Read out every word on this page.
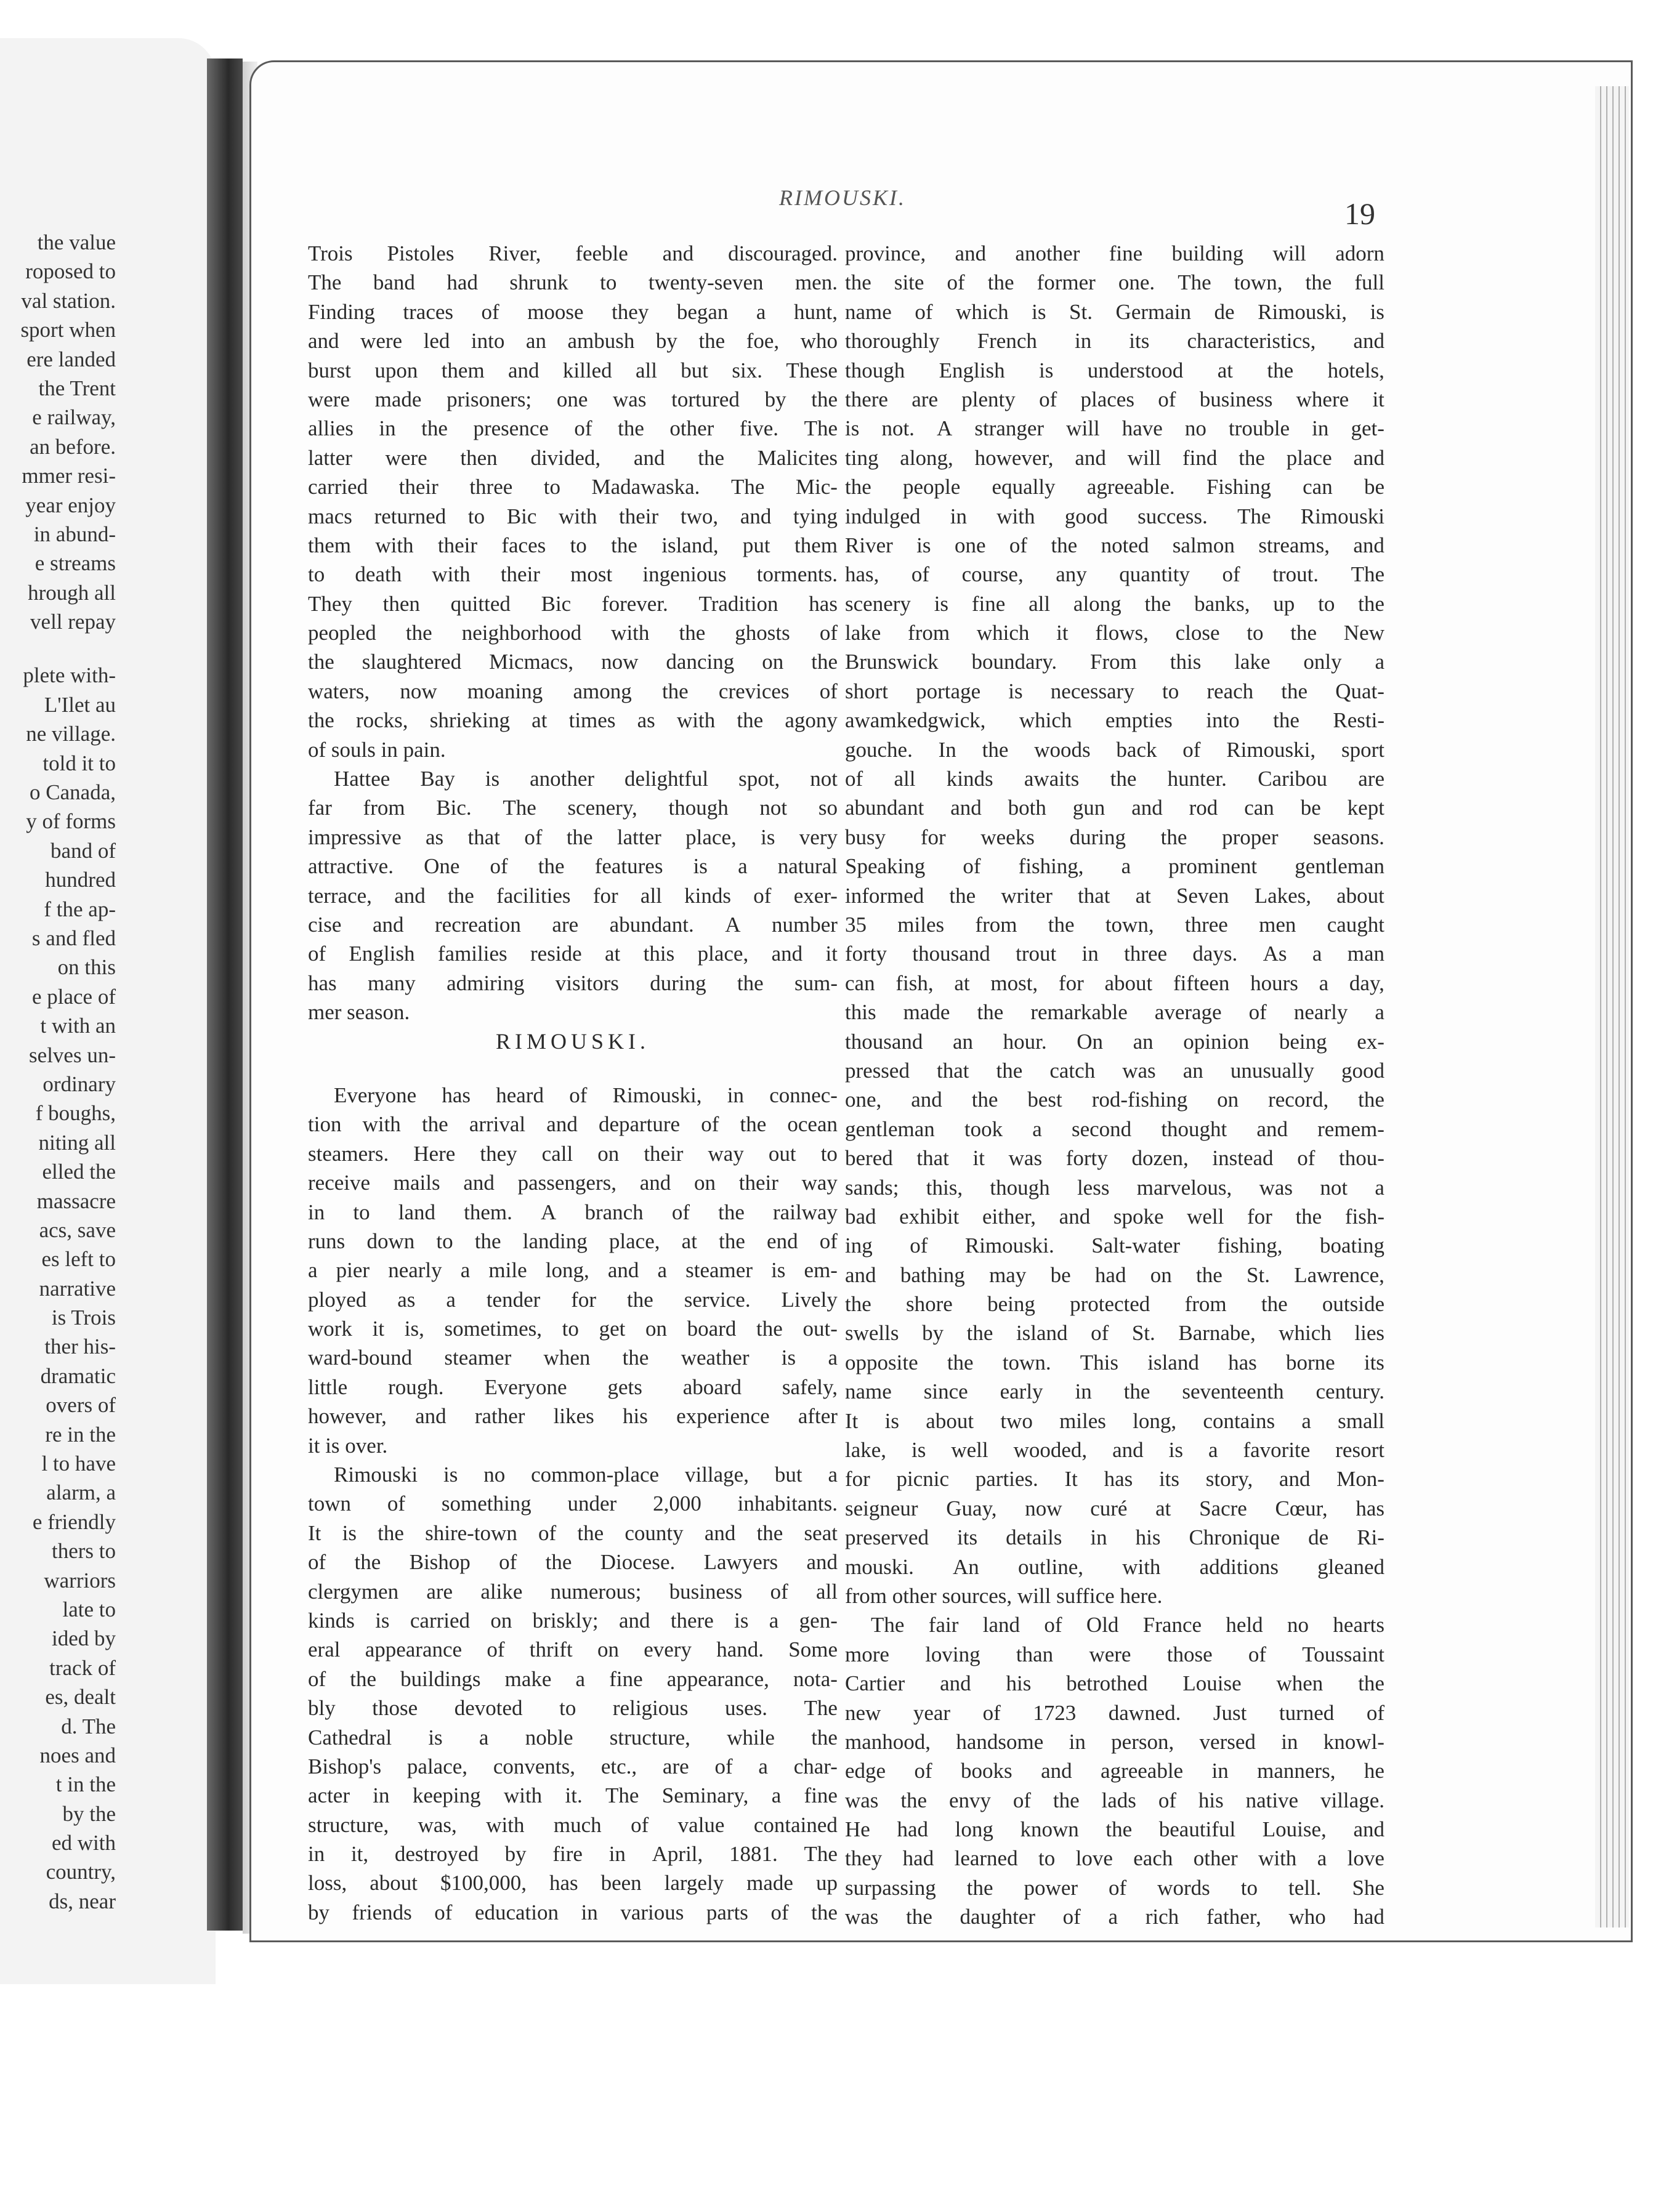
the value
roposed to
val station.
sport when
ere landed
the Trent
e railway,
an before.
mmer resi-
year enjoy
in abund-
e streams
hrough all
vell repay
plete with-
L'Ilet au
ne village.
told it to
o Canada,
y of forms
band of
hundred
f the ap-
s and fled
on this
e place of
t with an
selves un-
ordinary
f boughs,
niting all
elled the
massacre
acs, save
es left to
narrative
is Trois
ther his-
dramatic
overs of
re in the
l to have
alarm, a
e friendly
thers to
warriors
late to
ided by
track of
es, dealt
d. The
noes and
t in the
by the
ed with
country,
ds, near
RIMOUSKI.	19
Trois Pistoles River, feeble and discouraged.
The band had shrunk to twenty-seven men.
Finding traces of moose they began a hunt,
and were led into an ambush by the foe, who
burst upon them and killed all but six. These
were made prisoners; one was tortured by the
allies in the presence of the other five. The
latter were then divided, and the Malicites
carried their three to Madawaska. The Mic-
macs returned to Bic with their two, and tying
them with their faces to the island, put them
to death with their most ingenious torments.
They then quitted Bic forever. Tradition has
peopled the neighborhood with the ghosts of
the slaughtered Micmacs, now dancing on the
waters, now moaning among the crevices of
the rocks, shrieking at times as with the agony
of souls in pain.
Hattee Bay is another delightful spot, not
far from Bic. The scenery, though not so
impressive as that of the latter place, is very
attractive. One of the features is a natural
terrace, and the facilities for all kinds of exer-
cise and recreation are abundant. A number
of English families reside at this place, and it
has many admiring visitors during the sum-
mer season.
RIMOUSKI.
Everyone has heard of Rimouski, in connec-
tion with the arrival and departure of the ocean
steamers. Here they call on their way out to
receive mails and passengers, and on their way
in to land them. A branch of the railway
runs down to the landing place, at the end of
a pier nearly a mile long, and a steamer is em-
ployed as a tender for the service. Lively
work it is, sometimes, to get on board the out-
ward-bound steamer when the weather is a
little rough. Everyone gets aboard safely,
however, and rather likes his experience after
it is over.
Rimouski is no common-place village, but a
town of something under 2,000 inhabitants.
It is the shire-town of the county and the seat
of the Bishop of the Diocese. Lawyers and
clergymen are alike numerous; business of all
kinds is carried on briskly; and there is a gen-
eral appearance of thrift on every hand. Some
of the buildings make a fine appearance, nota-
bly those devoted to religious uses. The
Cathedral is a noble structure, while the
Bishop's palace, convents, etc., are of a char-
acter in keeping with it. The Seminary, a fine
structure, was, with much of value contained
in it, destroyed by fire in April, 1881. The
loss, about $100,000, has been largely made up
by friends of education in various parts of the
province, and another fine building will adorn
the site of the former one. The town, the full
name of which is St. Germain de Rimouski, is
thoroughly French in its characteristics, and
though English is understood at the hotels,
there are plenty of places of business where it
is not. A stranger will have no trouble in get-
ting along, however, and will find the place and
the people equally agreeable. Fishing can be
indulged in with good success. The Rimouski
River is one of the noted salmon streams, and
has, of course, any quantity of trout. The
scenery is fine all along the banks, up to the
lake from which it flows, close to the New
Brunswick boundary. From this lake only a
short portage is necessary to reach the Quat-
awamkedgwick, which empties into the Resti-
gouche. In the woods back of Rimouski, sport
of all kinds awaits the hunter. Caribou are
abundant and both gun and rod can be kept
busy for weeks during the proper seasons.
Speaking of fishing, a prominent gentleman
informed the writer that at Seven Lakes, about
35 miles from the town, three men caught
forty thousand trout in three days. As a man
can fish, at most, for about fifteen hours a day,
this made the remarkable average of nearly a
thousand an hour. On an opinion being ex-
pressed that the catch was an unusually good
one, and the best rod-fishing on record, the
gentleman took a second thought and remem-
bered that it was forty dozen, instead of thou-
sands; this, though less marvelous, was not a
bad exhibit either, and spoke well for the fish-
ing of Rimouski. Salt-water fishing, boating
and bathing may be had on the St. Lawrence,
the shore being protected from the outside
swells by the island of St. Barnabe, which lies
opposite the town. This island has borne its
name since early in the seventeenth century.
It is about two miles long, contains a small
lake, is well wooded, and is a favorite resort
for picnic parties. It has its story, and Mon-
seigneur Guay, now curé at Sacre Cœur, has
preserved its details in his Chronique de Ri-
mouski. An outline, with additions gleaned
from other sources, will suffice here.
The fair land of Old France held no hearts
more loving than were those of Toussaint
Cartier and his betrothed Louise when the
new year of 1723 dawned. Just turned of
manhood, handsome in person, versed in knowl-
edge of books and agreeable in manners, he
was the envy of the lads of his native village.
He had long known the beautiful Louise, and
they had learned to love each other with a love
surpassing the power of words to tell. She
was the daughter of a rich father, who had
